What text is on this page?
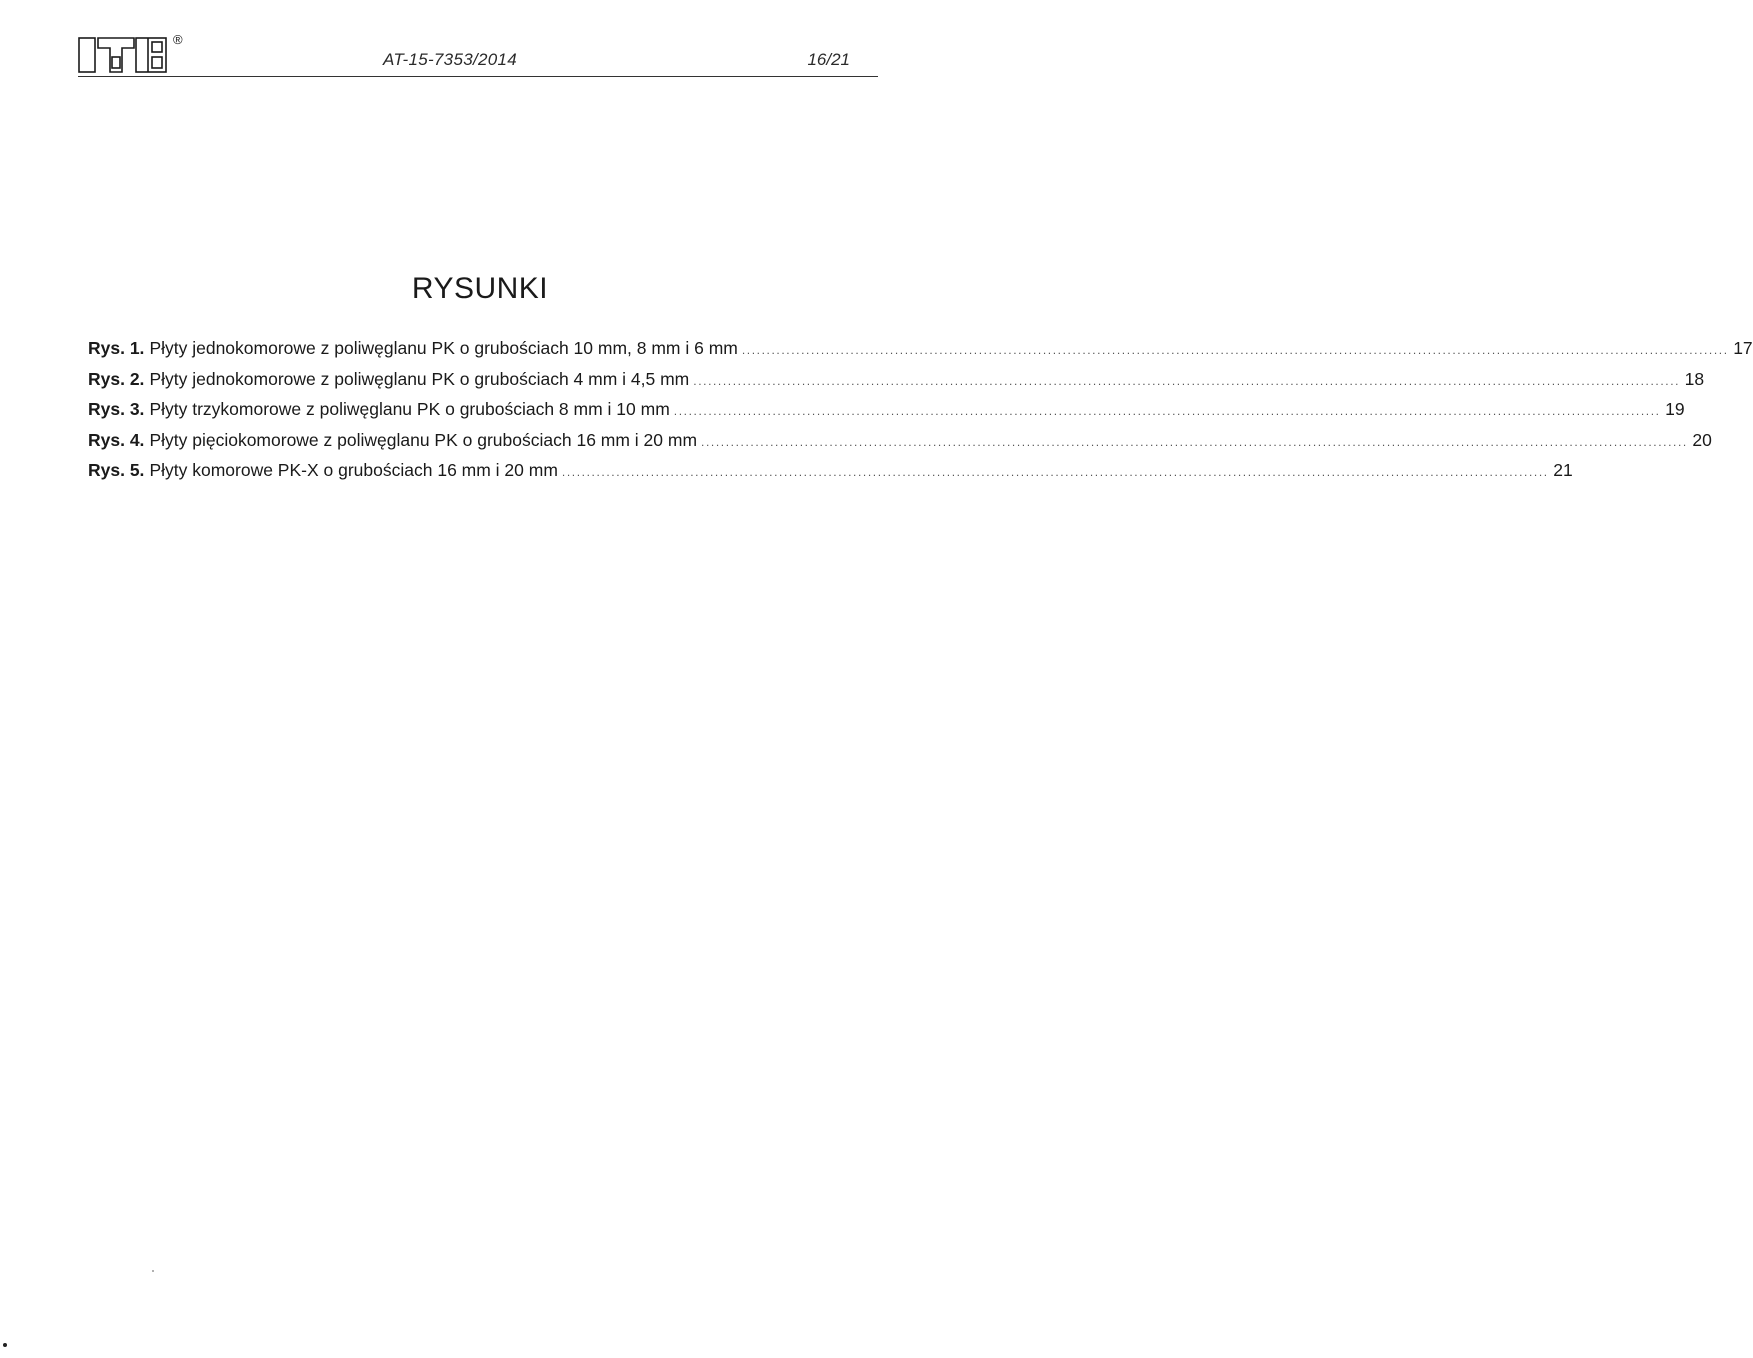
®
AT-15-7353/2014	16/21
RYSUNKI
Rys. 1. Płyty jednokomorowe z poliwęglanu PK o grubościach 10 mm, 8 mm i 6 mm ........................................................................................................................................................................................................ 17
Rys. 2. Płyty jednokomorowe z poliwęglanu PK o grubościach 4 mm i 4,5 mm ........................................................................................................................................................................................................ 18
Rys. 3. Płyty trzykomorowe z poliwęglanu PK o grubościach 8 mm i 10 mm ........................................................................................................................................................................................................ 19
Rys. 4. Płyty pięciokomorowe z poliwęglanu PK o grubościach 16 mm i 20 mm ........................................................................................................................................................................................................ 20
Rys. 5. Płyty komorowe PK-X o grubościach 16 mm i 20 mm ........................................................................................................................................................................................................ 21
